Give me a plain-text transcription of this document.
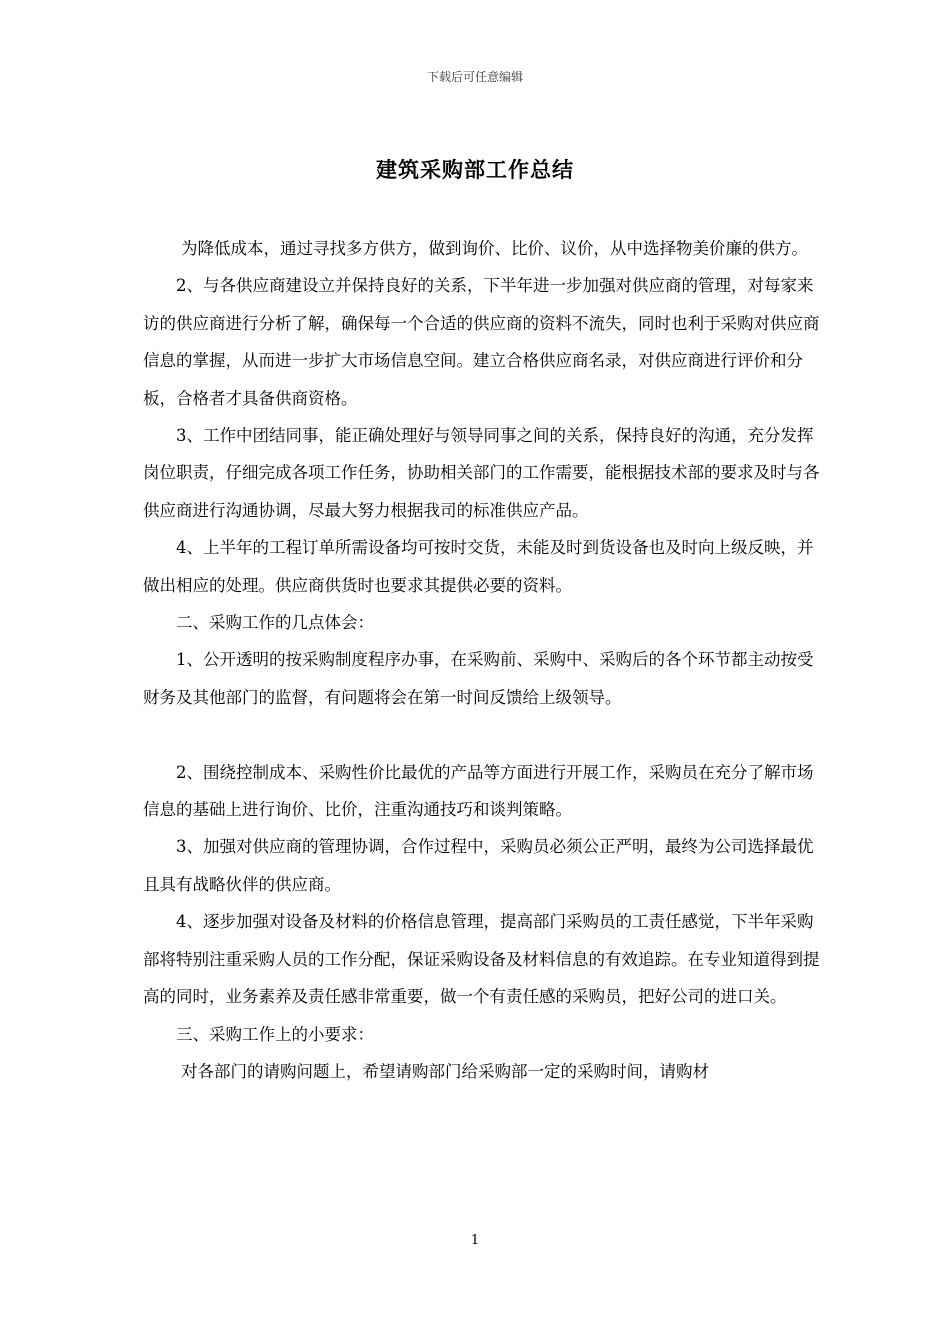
下载后可任意编辑
建筑采购部工作总结

为降低成本，通过寻找多方供方，做到询价、比价、议价，从中选择物美价廉的供方。

2、与各供应商建设立并保持良好的关系，下半年进一步加强对供应商的管理，对每家来访的供应商进行分析了解，确保每一个合适的供应商的资料不流失，同时也利于采购对供应商信息的掌握，从而进一步扩大市场信息空间。建立合格供应商名录，对供应商进行评价和分板，合格者才具备供商资格。

3、工作中团结同事，能正确处理好与领导同事之间的关系，保持良好的沟通，充分发挥岗位职责，仔细完成各项工作任务，协助相关部门的工作需要，能根据技术部的要求及时与各供应商进行沟通协调，尽最大努力根据我司的标准供应产品。

4、上半年的工程订单所需设备均可按时交货，未能及时到货设备也及时向上级反映，并做出相应的处理。供应商供货时也要求其提供必要的资料。

二、采购工作的几点体会：

1、公开透明的按采购制度程序办事，在采购前、采购中、采购后的各个环节都主动按受财务及其他部门的监督，有问题将会在第一时间反馈给上级领导。

2、围绕控制成本、采购性价比最优的产品等方面进行开展工作，采购员在充分了解市场信息的基础上进行询价、比价，注重沟通技巧和谈判策略。

3、加强对供应商的管理协调，合作过程中，采购员必须公正严明，最终为公司选择最优且具有战略伙伴的供应商。

4、逐步加强对设备及材料的价格信息管理，提高部门采购员的工责任感觉，下半年采购部将特别注重采购人员的工作分配，保证采购设备及材料信息的有效追踪。在专业知道得到提高的同时，业务素养及责任感非常重要，做一个有责任感的采购员，把好公司的进口关。

三、采购工作上的小要求：

对各部门的请购问题上，希望请购部门给采购部一定的采购时间，请购材

1
